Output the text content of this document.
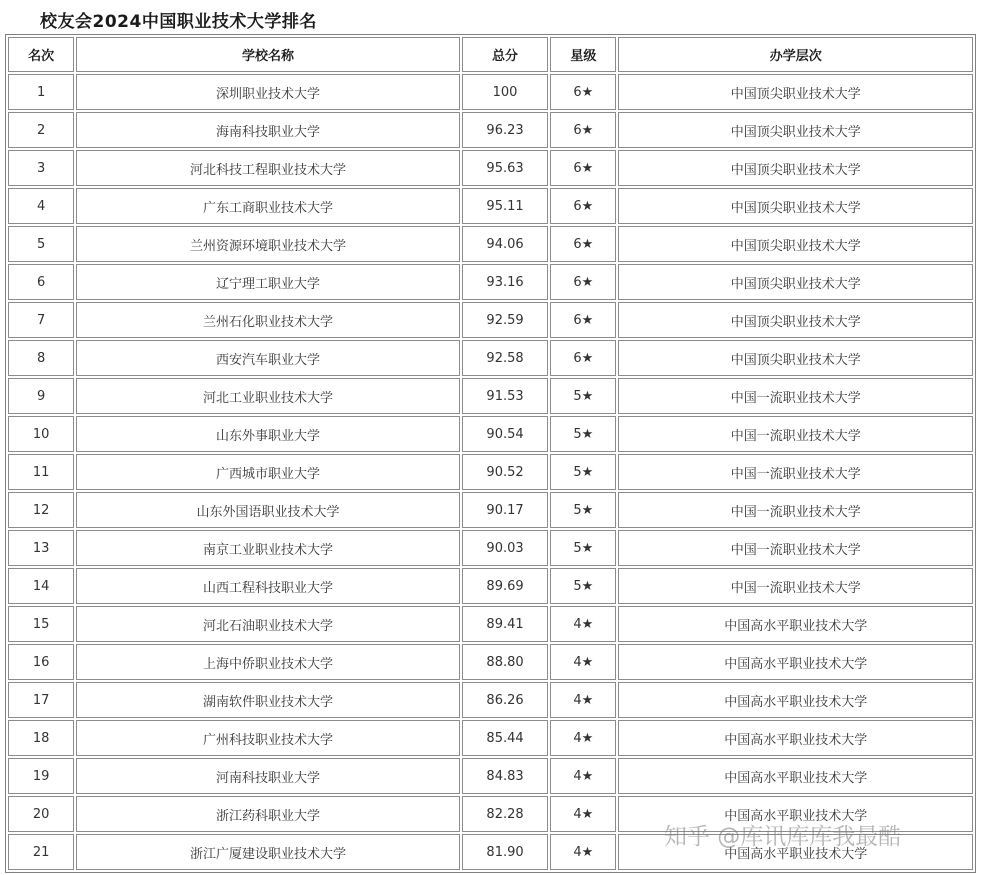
校友会2024中国职业技术大学排名
名次	学校名称	总分	星级	办学层次
1	深圳职业技术大学	100	6★	中国顶尖职业技术大学
2	海南科技职业大学	96.23	6★	中国顶尖职业技术大学
3	河北科技工程职业技术大学	95.63	6★	中国顶尖职业技术大学
4	广东工商职业技术大学	95.11	6★	中国顶尖职业技术大学
5	兰州资源环境职业技术大学	94.06	6★	中国顶尖职业技术大学
6	辽宁理工职业大学	93.16	6★	中国顶尖职业技术大学
7	兰州石化职业技术大学	92.59	6★	中国顶尖职业技术大学
8	西安汽车职业大学	92.58	6★	中国顶尖职业技术大学
9	河北工业职业技术大学	91.53	5★	中国一流职业技术大学
10	山东外事职业大学	90.54	5★	中国一流职业技术大学
11	广西城市职业大学	90.52	5★	中国一流职业技术大学
12	山东外国语职业技术大学	90.17	5★	中国一流职业技术大学
13	南京工业职业技术大学	90.03	5★	中国一流职业技术大学
14	山西工程科技职业大学	89.69	5★	中国一流职业技术大学
15	河北石油职业技术大学	89.41	4★	中国高水平职业技术大学
16	上海中侨职业技术大学	88.80	4★	中国高水平职业技术大学
17	湖南软件职业技术大学	86.26	4★	中国高水平职业技术大学
18	广州科技职业技术大学	85.44	4★	中国高水平职业技术大学
19	河南科技职业大学	84.83	4★	中国高水平职业技术大学
20	浙江药科职业大学	82.28	4★	中国高水平职业技术大学
21	浙江广厦建设职业技术大学	81.90	4★	中国高水平职业技术大学
知乎 @库讯库库我最酷
